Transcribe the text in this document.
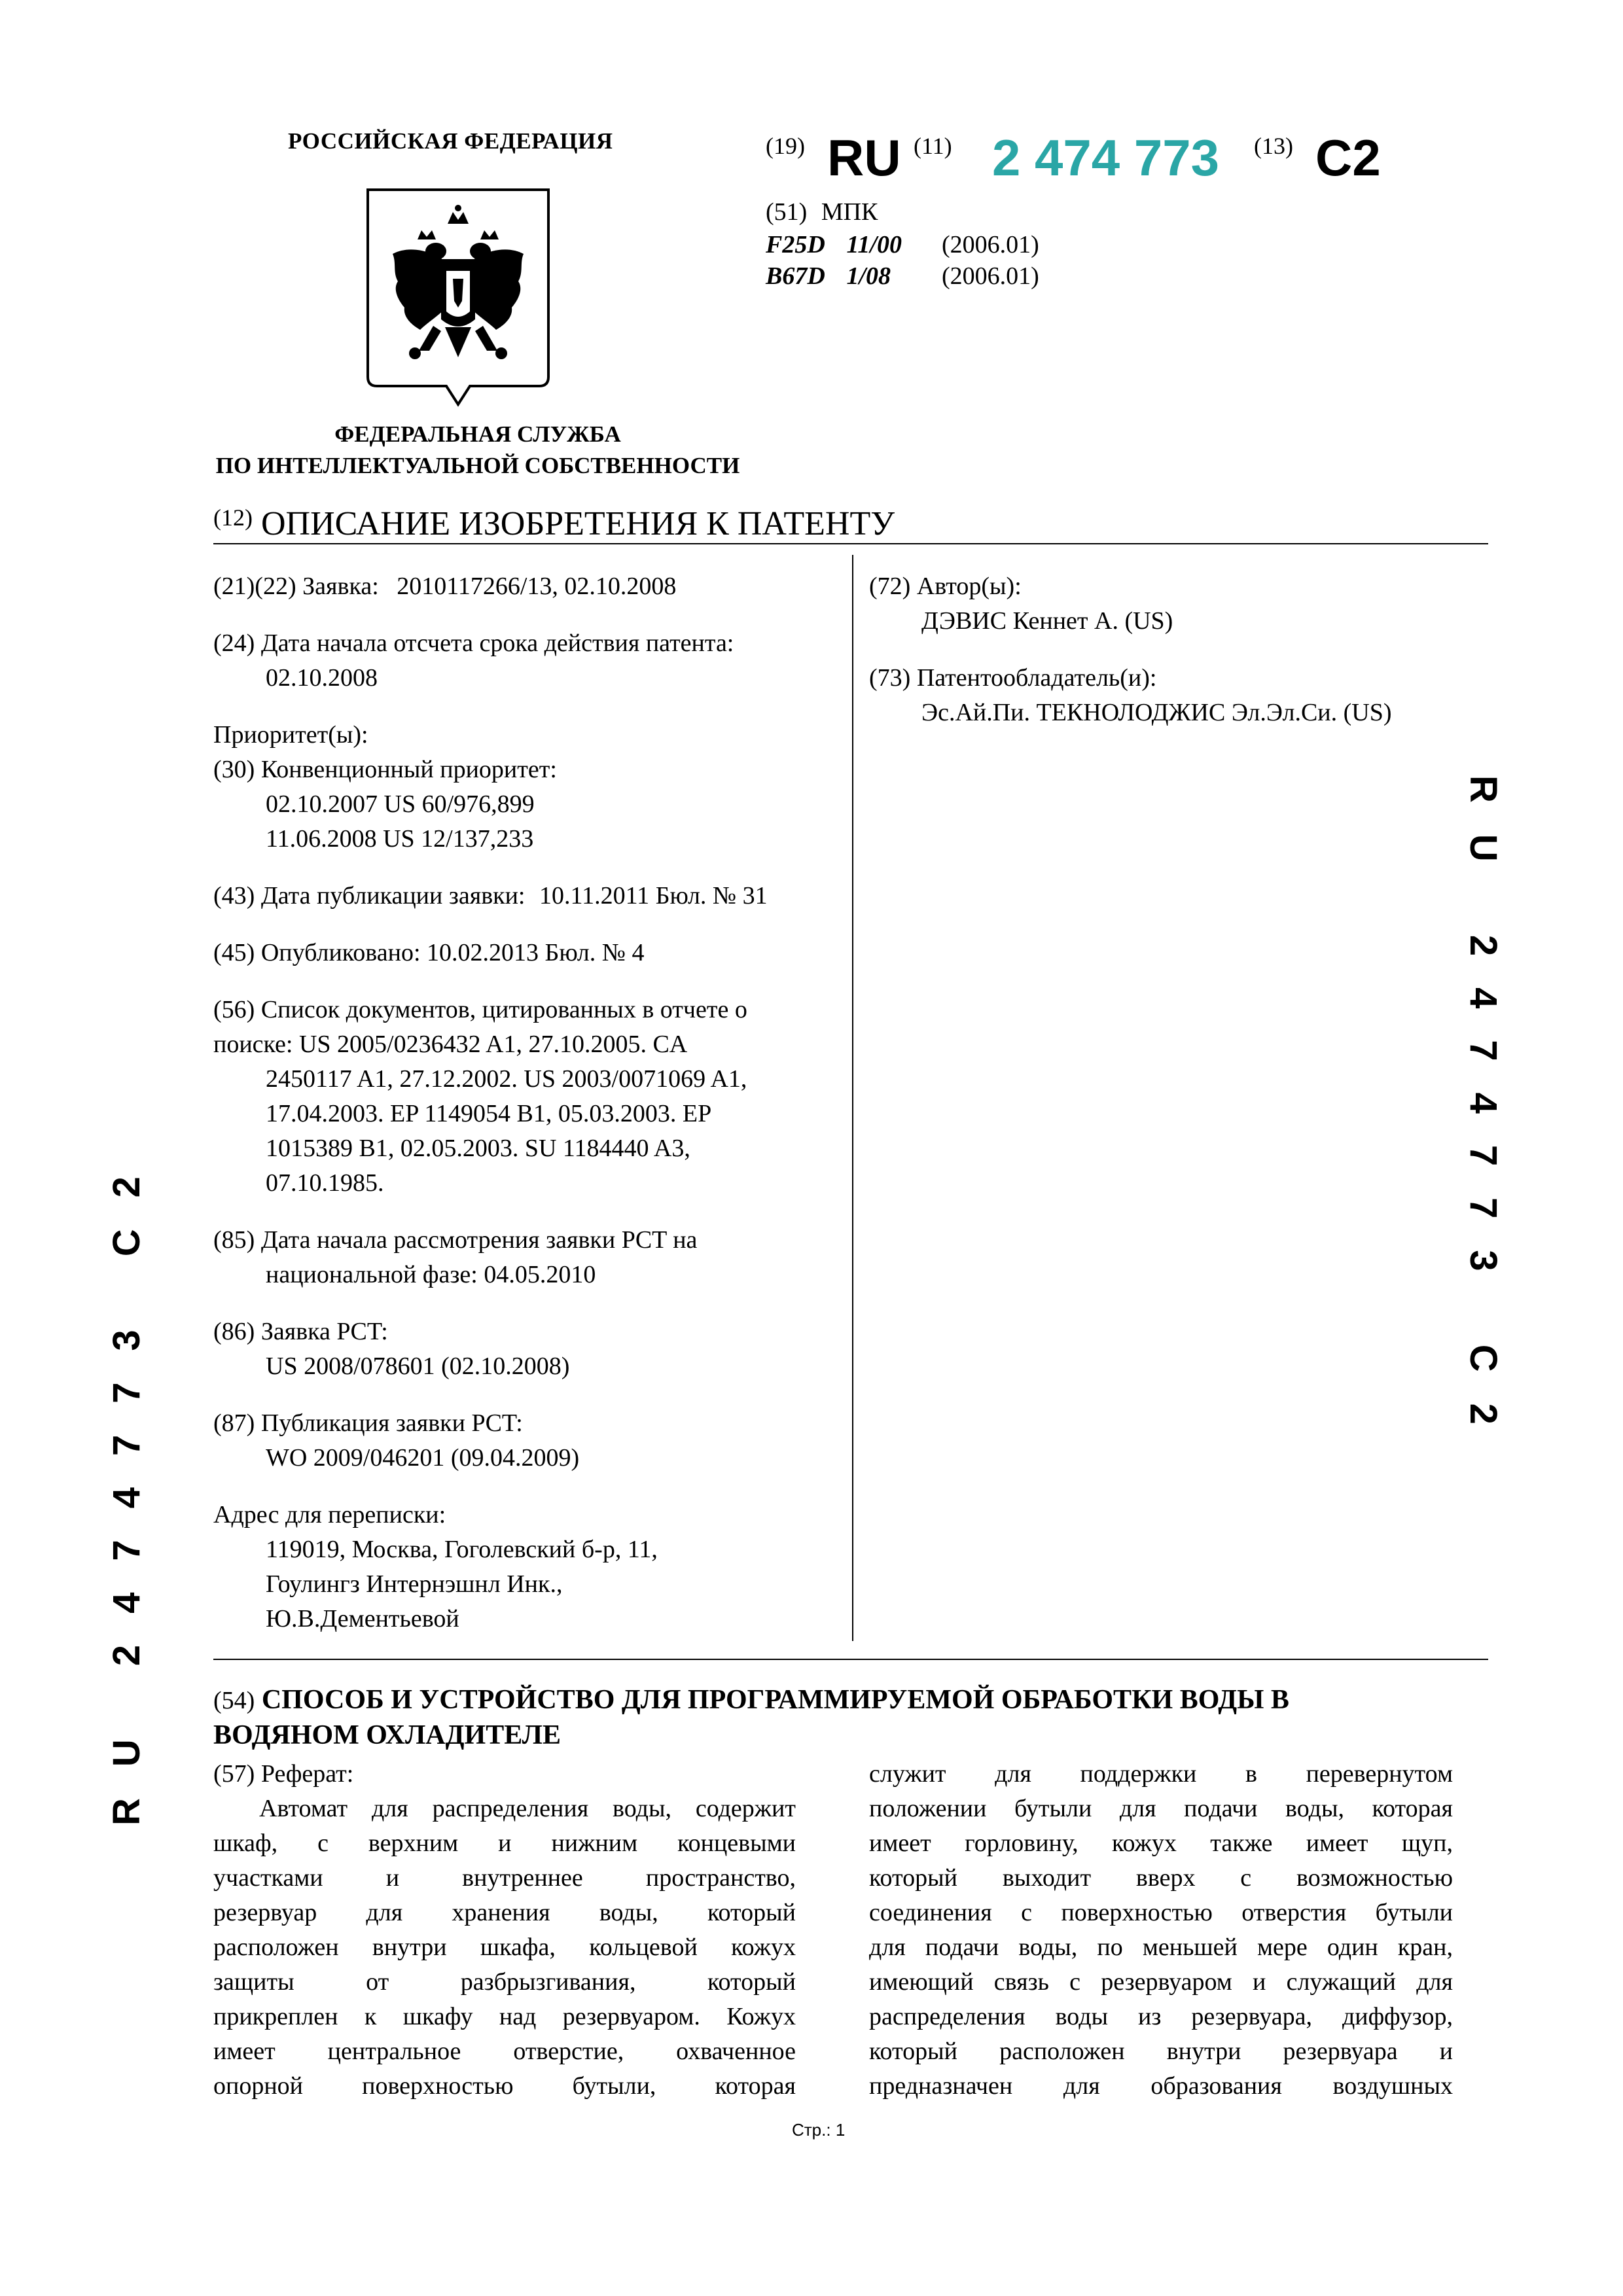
РОССИЙСКАЯ ФЕДЕРАЦИЯ
ФЕДЕРАЛЬНАЯ СЛУЖБА
ПО ИНТЕЛЛЕКТУАЛЬНОЙ СОБСТВЕННОСТИ
(19) RU (11) 2 474 773 (13) C2
(51) МПК
F25D 11/00 (2006.01)
B67D 1/08 (2006.01)
$^{(12)}$ ОПИСАНИЕ ИЗОБРЕТЕНИЯ К ПАТЕНТУ
(21)(22) Заявка: 2010117266/13, 02.10.2008
(24) Дата начала отсчета срока действия патента:
02.10.2008
Приоритет(ы):
(30) Конвенционный приоритет:
02.10.2007 US 60/976,899
11.06.2008 US 12/137,233
(43) Дата публикации заявки: 10.11.2011 Бюл. № 31
(45) Опубликовано: 10.02.2013 Бюл. № 4
(56) Список документов, цитированных в отчете о
поиске: US 2005/0236432 A1, 27.10.2005. CA
2450117 A1, 27.12.2002. US 2003/0071069 A1,
17.04.2003. EP 1149054 B1, 05.03.2003. EP
1015389 B1, 02.05.2003. SU 1184440 A3,
07.10.1985.
(85) Дата начала рассмотрения заявки PCT на
национальной фазе: 04.05.2010
(86) Заявка PCT:
US 2008/078601 (02.10.2008)
(87) Публикация заявки PCT:
WO 2009/046201 (09.04.2009)
Адрес для переписки:
119019, Москва, Гоголевский б-р, 11,
Гоулингз Интернэшнл Инк.,
Ю.В.Дементьевой
(72) Автор(ы):
ДЭВИС Кеннет А. (US)
(73) Патентообладатель(и):
Эс.Ай.Пи. ТЕКНОЛОДЖИС Эл.Эл.Си. (US)
RU 2474773 C2
RU 2474773 C2	(54) СПОСОБ И УСТРОЙСТВО ДЛЯ ПРОГРАММИРУЕМОЙ ОБРАБОТКИ ВОДЫ В
ВОДЯНОМ ОХЛАДИТЕЛЕ
(57) Реферат:
Автомат для распределения воды, содержит
шкаф, с верхним и нижним концевыми
участками и внутреннее пространство,
резервуар для хранения воды, который
расположен внутри шкафа, кольцевой кожух
защиты от разбрызгивания, который
прикреплен к шкафу над резервуаром. Кожух
имеет центральное отверстие, охваченное
опорной поверхностью бутыли, которая
служит для поддержки в перевернутом
положении бутыли для подачи воды, которая
имеет горловину, кожух также имеет щуп,
который выходит вверх с возможностью
соединения с поверхностью отверстия бутыли
для подачи воды, по меньшей мере один кран,
имеющий связь с резервуаром и служащий для
распределения воды из резервуара, диффузор,
который расположен внутри резервуара и
предназначен для образования воздушных
Стр.: 1
